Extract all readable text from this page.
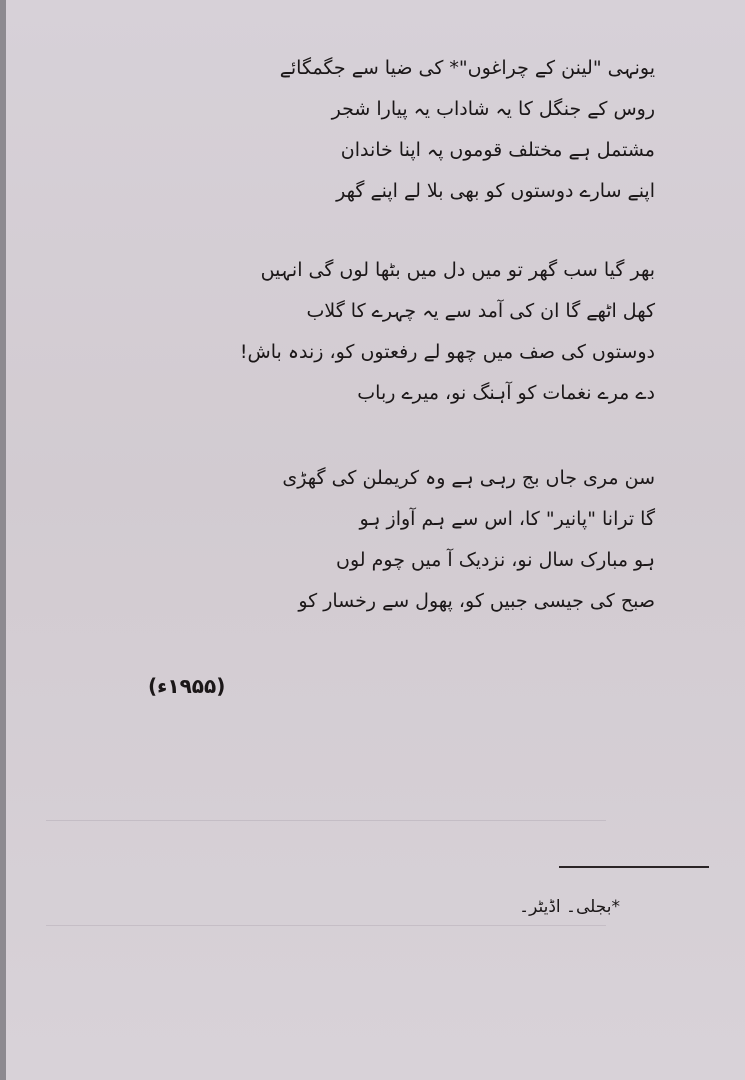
یونہی "لینن کے چراغوں"* کی ضیا سے جگمگائے
روس کے جنگل کا یہ شاداب یہ پیارا شجر
مشتمل ہے مختلف قوموں پہ اپنا خاندان
اپنے سارے دوستوں کو بھی بلا لے اپنے گھر
بھر گیا سب گھر تو میں دل میں بٹھا لوں گی انہیں
کھل اٹھے گا ان کی آمد سے یہ چہرے کا گلاب
دوستوں کی صف میں چھو لے رفعتوں کو، زندہ باش!
دے مرے نغمات کو آہنگ نو، میرے رباب
سن مری جاں بج رہی ہے وہ کریملن کی گھڑی
گا ترانا "پانیر" کا، اس سے ہم آواز ہو
ہو مبارک سال نو، نزدیک آ میں چوم لوں
صبح کی جیسی جبیں کو، پھول سے رخسار کو
(۱۹۵۵ء)
*بجلی۔ اڈیٹر۔
